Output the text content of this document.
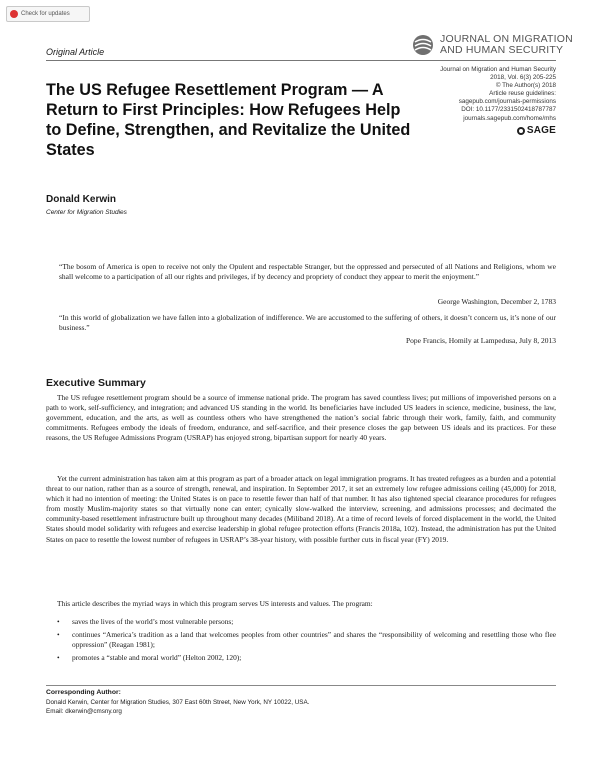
Check for updates
Original Article
JOURNAL ON MIGRATION
AND HUMAN SECURITY
Journal on Migration and Human Security
2018, Vol. 6(3) 205-225
© The Author(s) 2018
Article reuse guidelines:
sagepub.com/journals-permissions
DOI: 10.1177/2331502418787787
journals.sagepub.com/home/mhs
SAGE
The US Refugee Resettlement Program — A Return to First Principles: How Refugees Help to Define, Strengthen, and Revitalize the United States
Donald Kerwin
Center for Migration Studies
“The bosom of America is open to receive not only the Opulent and respectable Stranger, but the oppressed and persecuted of all Nations and Religions, whom we shall welcome to a participation of all our rights and privileges, if by decency and propriety of conduct they appear to merit the enjoyment.”
George Washington, December 2, 1783
“In this world of globalization we have fallen into a globalization of indifference. We are accustomed to the suffering of others, it doesn’t concern us, it’s none of our business.”
Pope Francis, Homily at Lampedusa, July 8, 2013
Executive Summary

The US refugee resettlement program should be a source of immense national pride. The program has saved countless lives; put millions of impoverished persons on a path to work, self-sufficiency, and integration; and advanced US standing in the world. Its beneficiaries have included US leaders in science, medicine, business, the law, government, education, and the arts, as well as countless others who have strengthened the nation’s social fabric through their work, family, faith, and community commitments. Refugees embody the ideals of freedom, endurance, and self-sacrifice, and their presence closes the gap between US ideals and its practices. For these reasons, the US Refugee Admissions Program (USRAP) has enjoyed strong, bipartisan support for nearly 40 years.

Yet the current administration has taken aim at this program as part of a broader attack on legal immigration programs. It has treated refugees as a burden and a potential threat to our nation, rather than as a source of strength, renewal, and inspiration. In September 2017, it set an extremely low refugee admissions ceiling (45,000) for 2018, which it had no intention of meeting: the United States is on pace to resettle fewer than half of that number. It has also tightened special clearance procedures for refugees from mostly Muslim-majority states so that virtually none can enter; cynically slow-walked the interview, screening, and admissions processes; and decimated the community-based resettlement infrastructure built up throughout many decades (Miliband 2018). At a time of record levels of forced displacement in the world, the United States should model solidarity with refugees and exercise leadership in global refugee protection efforts (Francis 2018a, 102). Instead, the administration has put the United States on pace to resettle the lowest number of refugees in USRAP’s 38-year history, with possible further cuts in fiscal year (FY) 2019.

This article describes the myriad ways in which this program serves US interests and values. The program:

• saves the lives of the world’s most vulnerable persons;
• continues “America’s tradition as a land that welcomes peoples from other countries” and shares the “responsibility of welcoming and resettling those who flee oppression” (Reagan 1981);
• promotes a “stable and moral world” (Helton 2002, 120);
Corresponding Author:
Donald Kerwin, Center for Migration Studies, 307 East 60th Street, New York, NY 10022, USA.
Email: dkerwin@cmsny.org
